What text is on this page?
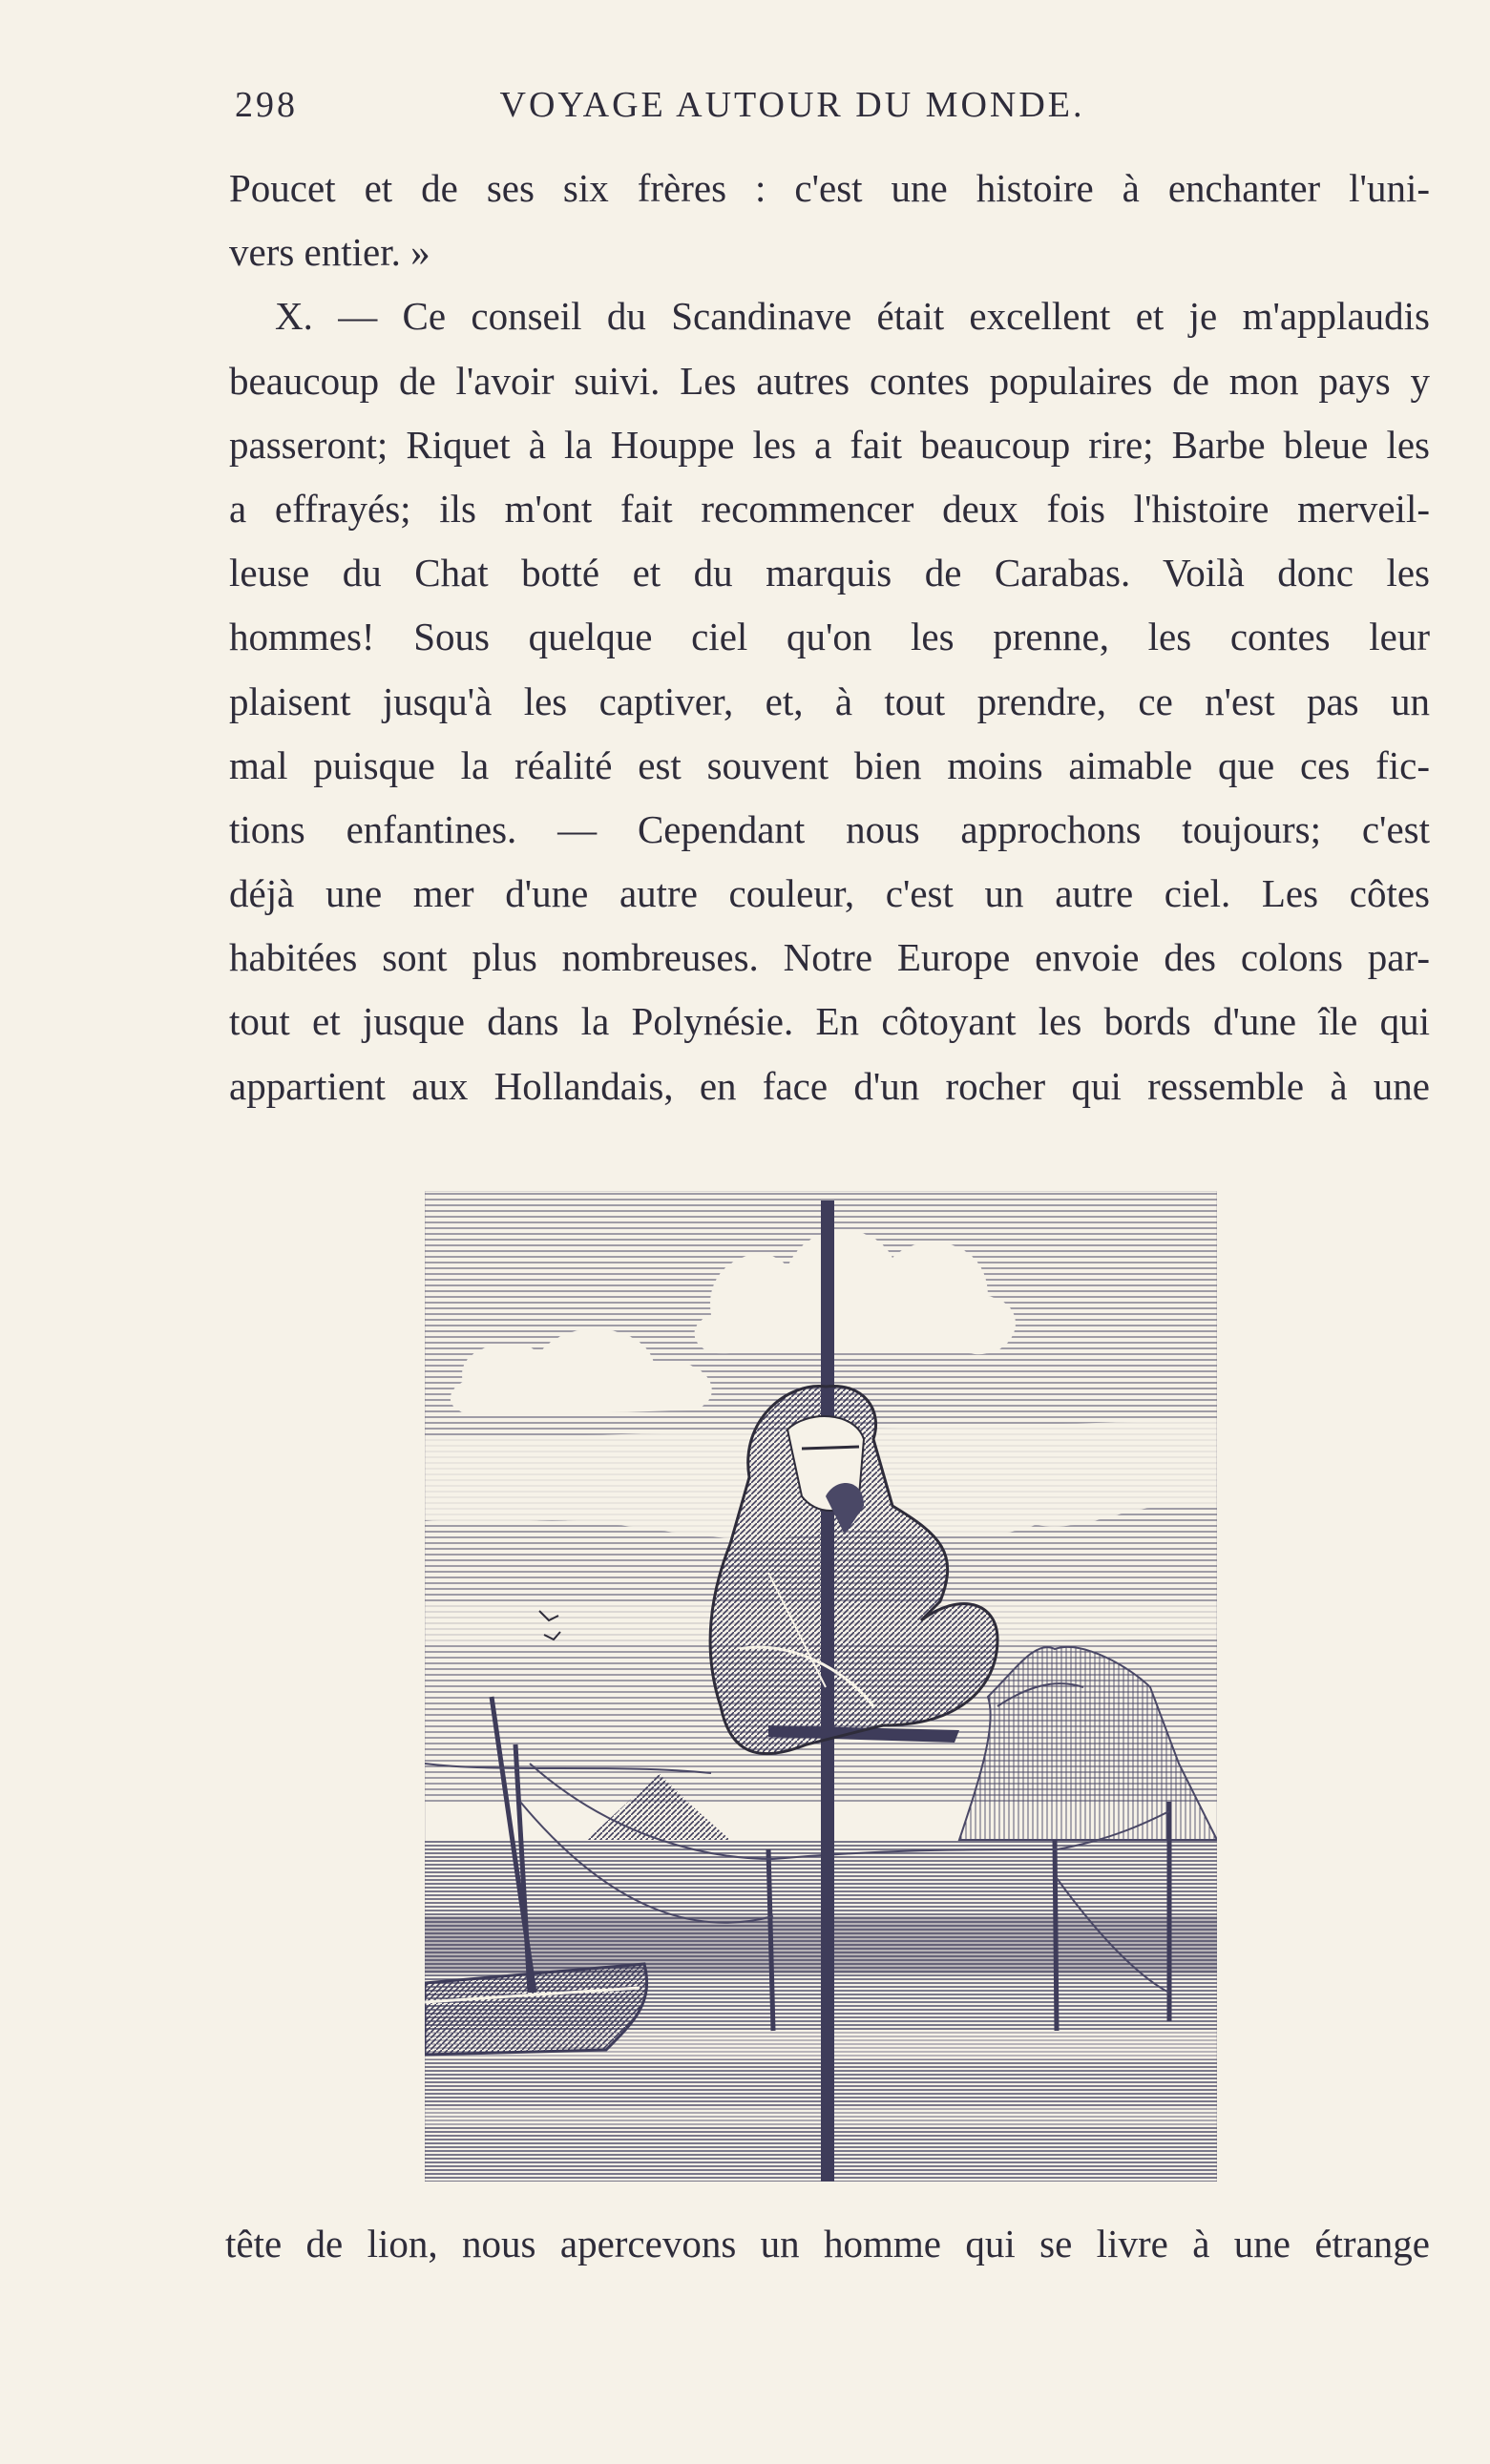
298	VOYAGE AUTOUR DU MONDE.
Poucet et de ses six frères : c'est une histoire à enchanter l'uni-
vers entier. »
X. — Ce conseil du Scandinave était excellent et je m'applaudis
beaucoup de l'avoir suivi. Les autres contes populaires de mon pays y
passeront; Riquet à la Houppe les a fait beaucoup rire; Barbe bleue les
a effrayés; ils m'ont fait recommencer deux fois l'histoire merveil-
leuse du Chat botté et du marquis de Carabas. Voilà donc les
hommes! Sous quelque ciel qu'on les prenne, les contes leur
plaisent jusqu'à les captiver, et, à tout prendre, ce n'est pas un
mal puisque la réalité est souvent bien moins aimable que ces fic-
tions enfantines. — Cependant nous approchons toujours; c'est
déjà une mer d'une autre couleur, c'est un autre ciel. Les côtes
habitées sont plus nombreuses. Notre Europe envoie des colons par-
tout et jusque dans la Polynésie. En côtoyant les bords d'une île qui
appartient aux Hollandais, en face d'un rocher qui ressemble à une
tête de lion, nous apercevons un homme qui se livre à une étrange
